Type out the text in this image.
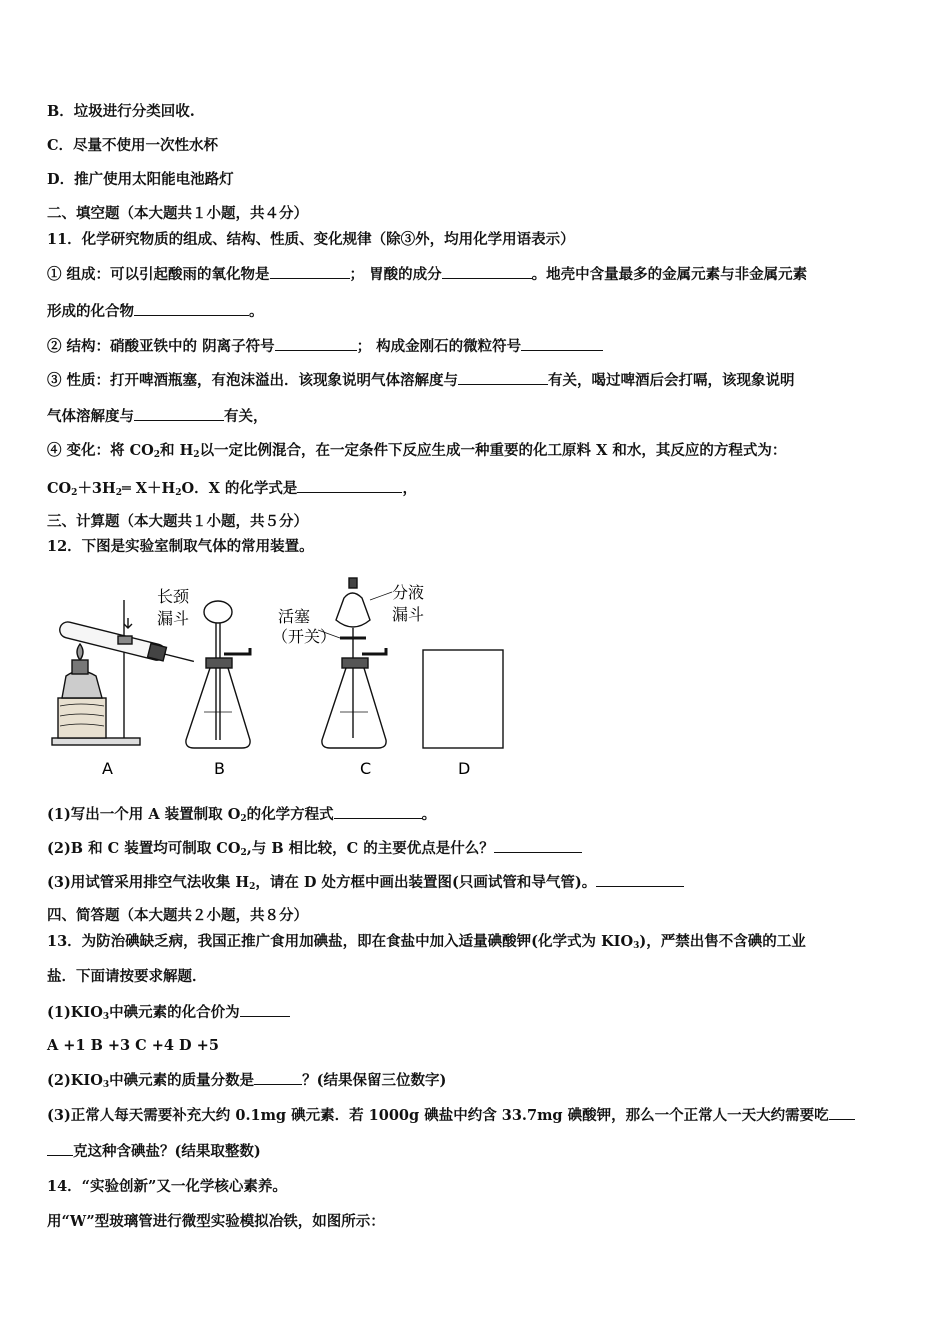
B．垃圾进行分类回收.
C．尽量不使用一次性水杯
D．推广使用太阳能电池路灯
二、填空题（本大题共１小题，共４分）
11．化学研究物质的组成、结构、性质、变化规律（除③外，均用化学用语表示）
① 组成：可以引起酸雨的氧化物是	； 胃酸的成分	。地壳中含量最多的金属元素与非金属元素
形成的化合物	。
② 结构：硝酸亚铁中的 阴离子符号	； 构成金刚石的微粒符号
③ 性质：打开啤酒瓶塞，有泡沫溢出．该现象说明气体溶解度与	有关，喝过啤酒后会打嗝，该现象说明
气体溶解度与	有关，
④ 变化：将 $CO_2$和 $H_2$以一定比例混合，在一定条件下反应生成一种重要的化工原料 X 和水，其反应的方程式为：
$CO_2+3H_2═$ $X+H_2O$．X 的化学式是	，
三、计算题（本大题共１小题，共５分）
12．下图是实验室制取气体的常用装置。
长颈
漏斗	活塞
（开关）
分液
漏斗
A	B	C	D
(1)写出一个用 A 装置制取 $O_2$的化学方程式	。
(2)B 和 C 装置均可制取 $CO_2$,与 B 相比较，C 的主要优点是什么？
(3)用试管采用排空气法收集 $H_2$，请在 D 处方框中画出装置图(只画试管和导气管)。
四、简答题（本大题共２小题，共８分）
13．为防治碘缺乏病，我国正推广食用加碘盐，即在食盐中加入适量碘酸钾(化学式为 $KIO_3$)，严禁出售不含碘的工业
盐．下面请按要求解题．
$(1)KIO_3$中碘元素的化合价为
A +1 B +3 C +4 D +5
$(2)KIO_3$中碘元素的质量分数是	？(结果保留三位数字)
(3)正常人每天需要补充大约 0.1mg 碘元素．若 1000g 碘盐中约含 33.7mg 碘酸钾，那么一个正常人一天大约需要吃
克这种含碘盐？(结果取整数)
14．“实验创新”又一化学核心素养。
用“W”型玻璃管进行微型实验模拟冶铁，如图所示：
